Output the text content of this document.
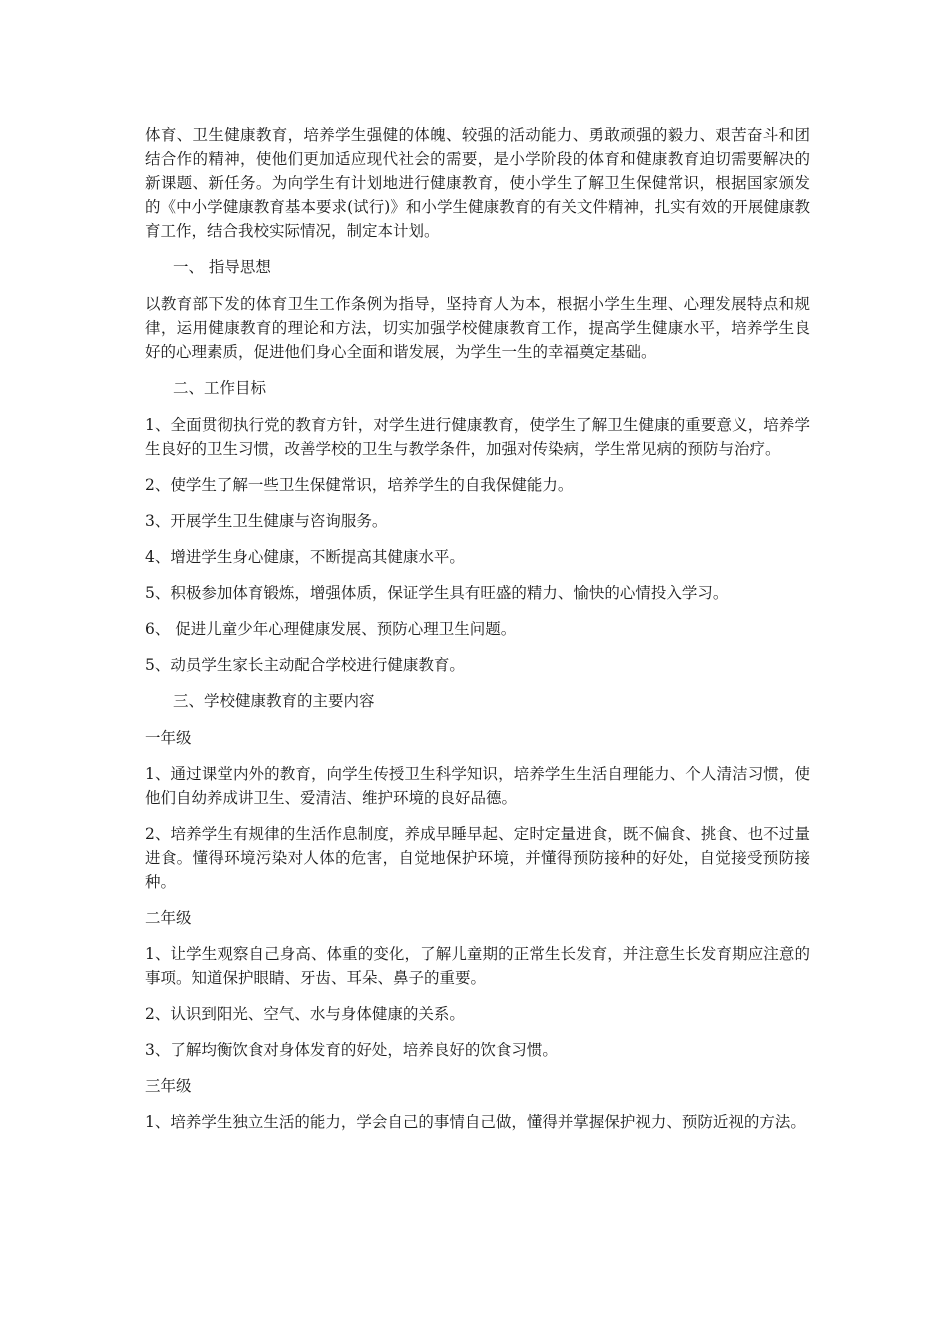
体育、卫生健康教育，培养学生强健的体魄、较强的活动能力、勇敢顽强的毅力、艰苦奋斗和团结合作的精神，使他们更加适应现代社会的需要，是小学阶段的体育和健康教育迫切需要解决的新课题、新任务。为向学生有计划地进行健康教育，使小学生了解卫生保健常识，根据国家颁发的《中小学健康教育基本要求(试行)》和小学生健康教育的有关文件精神，扎实有效的开展健康教育工作，结合我校实际情况，制定本计划。

一、 指导思想

以教育部下发的体育卫生工作条例为指导，坚持育人为本，根据小学生生理、心理发展特点和规律，运用健康教育的理论和方法，切实加强学校健康教育工作，提高学生健康水平，培养学生良好的心理素质，促进他们身心全面和谐发展，为学生一生的幸福奠定基础。

二、工作目标

1、全面贯彻执行党的教育方针，对学生进行健康教育，使学生了解卫生健康的重要意义，培养学生良好的卫生习惯，改善学校的卫生与教学条件，加强对传染病，学生常见病的预防与治疗。

2、使学生了解一些卫生保健常识，培养学生的自我保健能力。

3、开展学生卫生健康与咨询服务。

4、增进学生身心健康，不断提高其健康水平。

5、积极参加体育锻炼，增强体质，保证学生具有旺盛的精力、愉快的心情投入学习。

6、 促进儿童少年心理健康发展、预防心理卫生问题。

5、动员学生家长主动配合学校进行健康教育。

三、学校健康教育的主要内容

一年级

1、通过课堂内外的教育，向学生传授卫生科学知识，培养学生生活自理能力、个人清洁习惯，使他们自幼养成讲卫生、爱清洁、维护环境的良好品德。

2、培养学生有规律的生活作息制度，养成早睡早起、定时定量进食，既不偏食、挑食、也不过量进食。懂得环境污染对人体的危害，自觉地保护环境，并懂得预防接种的好处，自觉接受预防接种。

二年级

1、让学生观察自己身高、体重的变化，了解儿童期的正常生长发育，并注意生长发育期应注意的事项。知道保护眼睛、牙齿、耳朵、鼻子的重要。

2、认识到阳光、空气、水与身体健康的关系。

3、了解均衡饮食对身体发育的好处，培养良好的饮食习惯。

三年级

1、培养学生独立生活的能力，学会自己的事情自己做，懂得并掌握保护视力、预防近视的方法。
